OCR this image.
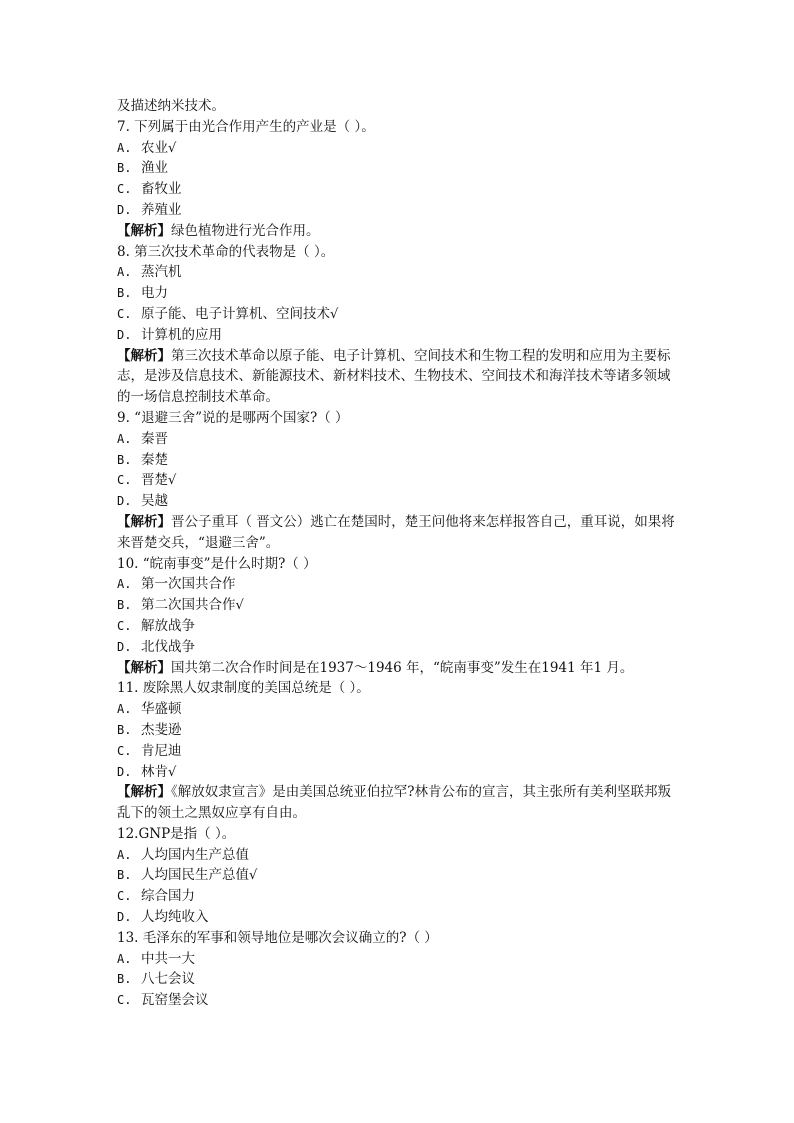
及描述纳米技术。
7. 下列属于由光合作用产生的产业是（ ）。
A. 农业√
B. 渔业
C. 畜牧业
D. 养殖业
【解析】绿色植物进行光合作用。
8. 第三次技术革命的代表物是（ ）。
A. 蒸汽机
B. 电力
C. 原子能、电子计算机、空间技术√
D. 计算机的应用
【解析】第三次技术革命以原子能、电子计算机、空间技术和生物工程的发明和应用为主要标志，是涉及信息技术、新能源技术、新材料技术、生物技术、空间技术和海洋技术等诸多领域的一场信息控制技术革命。
9. “退避三舍”说的是哪两个国家?（ ）
A. 秦晋
B. 秦楚
C. 晋楚√
D. 吴越
【解析】晋公子重耳（ 晋文公）逃亡在楚国时，楚王问他将来怎样报答自己，重耳说，如果将来晋楚交兵，“退避三舍”。
10. “皖南事变”是什么时期?（ ）
A. 第一次国共合作
B. 第二次国共合作√
C. 解放战争
D. 北伐战争
【解析】国共第二次合作时间是在1937～1946 年，“皖南事变”发生在1941 年1 月。
11. 废除黑人奴隶制度的美国总统是（ ）。
A. 华盛顿
B. 杰斐逊
C. 肯尼迪
D. 林肯√
【解析】《解放奴隶宣言》是由美国总统亚伯拉罕?林肯公布的宣言，其主张所有美利坚联邦叛乱下的领土之黑奴应享有自由。
12.GNP是指（ ）。
A. 人均国内生产总值
B. 人均国民生产总值√
C. 综合国力
D. 人均纯收入
13. 毛泽东的军事和领导地位是哪次会议确立的?（ ）
A. 中共一大
B. 八七会议
C. 瓦窑堡会议
